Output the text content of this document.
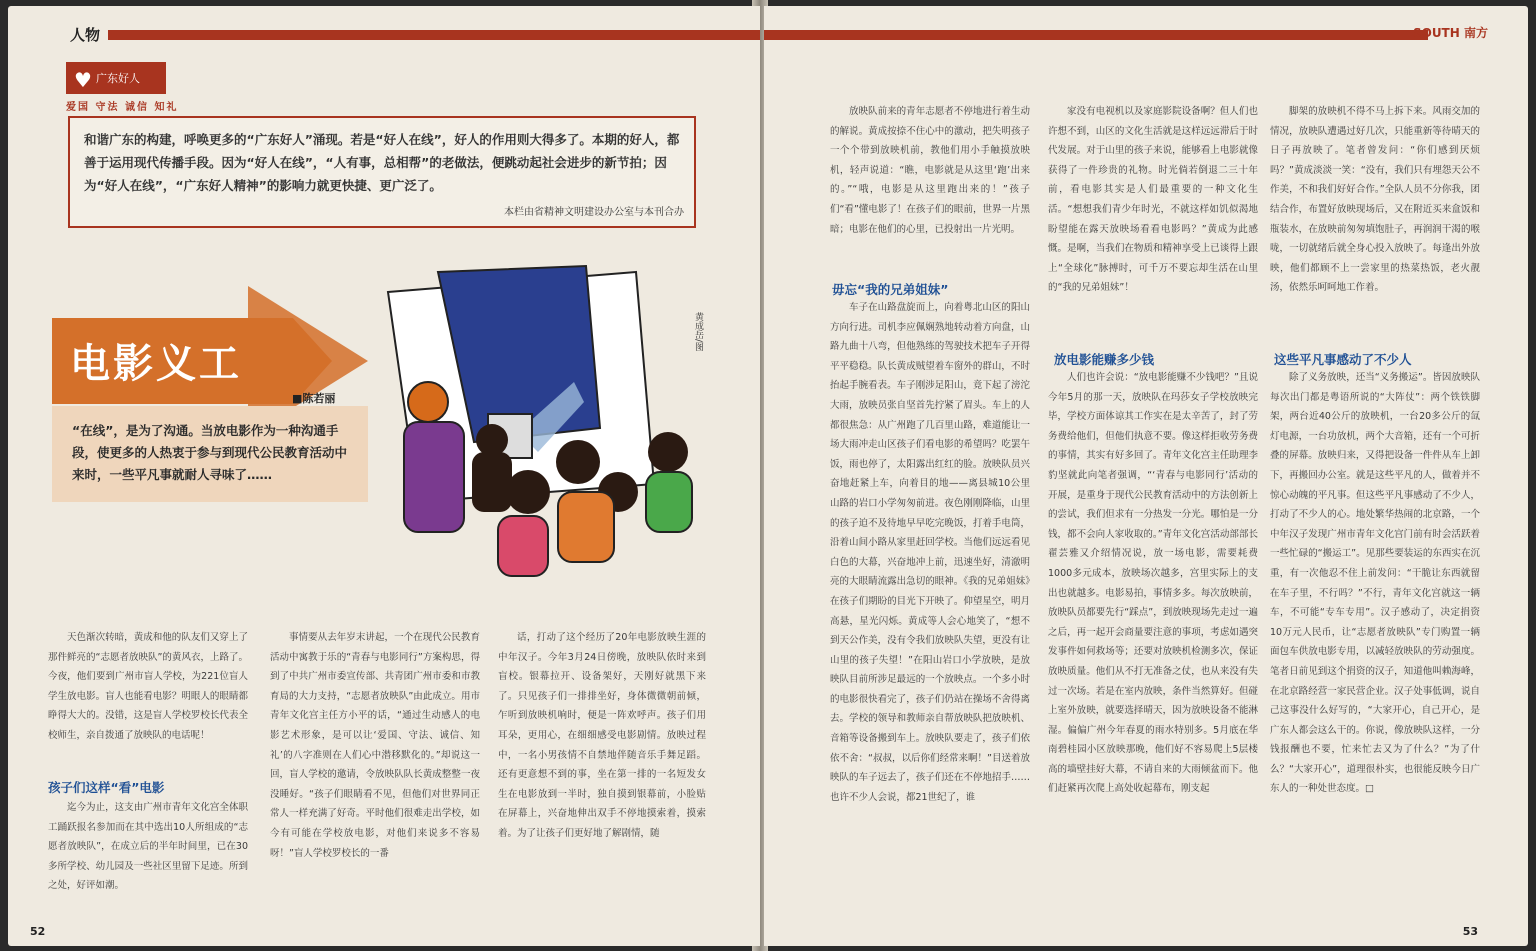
人物
♥ 广东好人
爱国 守法 诚信 知礼
和谐广东的构建，呼唤更多的“广东好人”涌现。若是“好人在线”，好人的作用则大得多了。本期的好人，都善于运用现代传播手段。因为“好人在线”，“人有事，总相帮”的老做法，便跳动起社会进步的新节拍；因为“好人在线”，“广东好人精神”的影响力就更快捷、更广泛了。
本栏由省精神文明建设办公室与本刊合办
电影义工
■陈若丽
“在线”，是为了沟通。当放电影作为一种沟通手段，使更多的人热衷于参与到现代公民教育活动中来时，一些平凡事就耐人寻味了……
黄成岳/图
天色渐次转暗，黄成和他的队友们又穿上了那件鲜亮的“志愿者放映队”的黄风衣，上路了。今夜，他们要到广州市盲人学校，为221位盲人学生放电影。盲人也能看电影？明眼人的眼睛都睁得大大的。没错，这是盲人学校罗校长代表全校师生，亲自拨通了放映队的电话呢！
孩子们这样“看”电影
迄今为止，这支由广州市青年文化宫全体职工踊跃报名参加而在其中选出10人所组成的“志愿者放映队”，在成立后的半年时间里，已在30多所学校、幼儿园及一些社区里留下足迹。所到之处，好评如潮。
事情要从去年岁末讲起，一个在现代公民教育活动中寓教于乐的“青春与电影同行”方案构思，得到了中共广州市委宣传部、共青团广州市委和市教育局的大力支持，“志愿者放映队”由此成立。用市青年文化宫主任方小平的话，“通过生动感人的电影艺术形象，是可以让‘爱国、守法、诚信、知礼’的八字准则在人们心中潜移默化的。”却说这一回，盲人学校的邀请，令放映队队长黄成整整一夜没睡好。“孩子们眼睛看不见，但他们对世界同正常人一样充满了好奇。平时他们很难走出学校，如今有可能在学校放电影，对他们来说多不容易呀！”盲人学校罗校长的一番
话，打动了这个经历了20年电影放映生涯的中年汉子。今年3月24日傍晚，放映队依时来到盲校。银幕拉开、设备架好，天刚好就黑下来了。只见孩子们一排排坐好，身体微微朝前倾，乍听到放映机响时，便是一阵欢呼声。孩子们用耳朵，更用心，在细细感受电影剧情。放映过程中，一名小男孩情不自禁地伴随音乐手舞足蹈。还有更意想不到的事，坐在第一排的一名短发女生在电影放到一半时，独自摸到银幕前，小脸贴在屏幕上，兴奋地伸出双手不停地摸索着，摸索着。为了让孩子们更好地了解剧情，随
52
SOUTH 南方
放映队前来的青年志愿者不停地进行着生动的解说。黄成按捺不住心中的激动，把失明孩子一个个带到放映机前，教他们用小手触摸放映机，轻声说道：“瞧，电影就是从这里‘跑’出来的。”“哦，电影是从这里跑出来的！”孩子们“看”懂电影了！在孩子们的眼前，世界一片黑暗；电影在他们的心里，已投射出一片光明。
毋忘“我的兄弟姐妹”
车子在山路盘旋而上，向着粤北山区的阳山方向行进。司机李应佩娴熟地转动着方向盘，山路九曲十八弯，但他熟练的驾驶技术把车子开得平平稳稳。队长黄成贼望着车窗外的群山，不时抬起手腕看表。车子刚涉足阳山，竟下起了滂沱大雨，放映员张自坚首先拧紧了眉头。车上的人都很焦急：从广州跑了几百里山路，难道能让一场大雨冲走山区孩子们看电影的希望吗？吃罢午饭，雨也停了，太阳露出红红的脸。放映队员兴奋地赶紧上车，向着目的地——离县城10公里山路的岩口小学匆匆前进。夜色刚刚降临，山里的孩子迫不及待地早早吃完晚饭，打着手电筒，沿着山间小路从家里赶回学校。当他们远远看见白色的大幕，兴奋地冲上前，迅速坐好，清澈明亮的大眼睛流露出急切的眼神。《我的兄弟姐妹》在孩子们期盼的目光下开映了。仰望星空，明月高悬，星光闪烁。黄成等人会心地笑了，“想不到天公作美，没有令我们放映队失望，更没有让山里的孩子失望！”在阳山岩口小学放映，是放映队目前所涉足最远的一个放映点。一个多小时的电影很快看完了，孩子们仍站在操场不舍得离去。学校的领导和教师亲自帮放映队把放映机、音箱等设备搬到车上。放映队要走了，孩子们依依不舍：“叔叔，以后你们经常来啊！”目送着放映队的车子远去了，孩子们还在不停地招手……也许不少人会说，都21世纪了，谁
家没有电视机以及家庭影院设备啊？但人们也许想不到，山区的文化生活就是这样远远滞后于时代发展。对于山里的孩子来说，能够看上电影就像获得了一件珍贵的礼物。时光倘若倒退二三十年前，看电影其实是人们最重要的一种文化生活。“想想我们青少年时光，不就这样如饥似渴地盼望能在露天放映场看看电影吗？”黄成为此感慨。是啊，当我们在物质和精神享受上已谈得上跟上“全球化”脉搏时，可千万不要忘却生活在山里的“我的兄弟姐妹”！
放电影能赚多少钱
人们也许会说：“放电影能赚不少钱吧？”且说今年5月的那一天，放映队在玛莎女子学校放映完毕，学校方面体谅其工作实在是太辛苦了，封了劳务费给他们，但他们执意不要。像这样拒收劳务费的事情，其实有好多回了。青年文化宫主任助理李豹坚就此向笔者强调，“‘青春与电影同行’活动的开展，是重身于现代公民教育活动中的方法创新上的尝试，我们但求有一分热发一分光。哪怕是一分钱，都不会向人家收取的。”青年文化宫活动部部长翟芸雅又介绍情况说，放一场电影，需要耗费1000多元成本，放映场次越多，宫里实际上的支出也就越多。电影易拍，事情多多。每次放映前，放映队员都要先行“踩点”，到放映现场先走过一遍之后，再一起开会商量要注意的事项，考虑如遇突发事件如何救场等；还要对放映机检测多次，保证放映质量。他们从不打无准备之仗，也从来没有失过一次场。若是在室内放映，条件当然算好。但碰上室外放映，就要选择晴天，因为放映设备不能淋湿。偏偏广州今年春夏的雨水特别多。5月底在华南碧桂园小区放映那晚，他们好不容易爬上5层楼高的墙壁挂好大幕，不请自来的大雨倾盆而下。他们赶紧再次爬上高处收起幕布，刚支起
脚架的放映机不得不马上拆下来。风雨交加的情况，放映队遭遇过好几次，只能重新等待晴天的日子再放映了。笔者曾发问：“你们感到厌烦吗？”黄成淡淡一笑：“没有，我们只有埋怨天公不作美，不和我们好好合作。”全队人员不分你我，团结合作，布置好放映现场后，又在附近买来盒饭和瓶装水，在放映前匆匆填饱肚子，再润润干渴的喉咙，一切就绪后就全身心投入放映了。每逢出外放映，他们都顾不上一尝家里的热菜热饭，老火靓汤，依然乐呵呵地工作着。
这些平凡事感动了不少人
除了义务放映，还当“义务搬运”。皆因放映队每次出门都是粤语所说的“大阵仗”：两个铁铁脚架，两台近40公斤的放映机，一台20多公斤的氙灯电源，一台功放机，两个大音箱，还有一个可折叠的屏幕。放映归来，又得把设备一件件从车上卸下，再搬回办公室。就是这些平凡的人，做着并不惊心动魄的平凡事。但这些平凡事感动了不少人，打动了不少人的心。地处繁华热闹的北京路，一个中年汉子发现广州市青年文化宫门前有时会活跃着一些忙碌的“搬运工”。见那些要装运的东西实在沉重，有一次他忍不住上前发问：“干脆让东西就留在车子里，不行吗？”不行，青年文化宫就这一辆车，不可能“专车专用”。汉子感动了，决定捐资10万元人民币，让“志愿者放映队”专门购置一辆面包车供放电影专用，以减轻放映队的劳动强度。笔者日前见到这个捐资的汉子，知道他叫赖海峰，在北京路经营一家民营企业。汉子处事低调，说自己这事没什么好写的，“大家开心，自己开心，是广东人都会这么干的。你说，像放映队这样，一分钱报酬也不要，忙来忙去又为了什么？”为了什么？“大家开心”，道理很朴实，也很能反映今日广东人的一种处世态度。□
53
